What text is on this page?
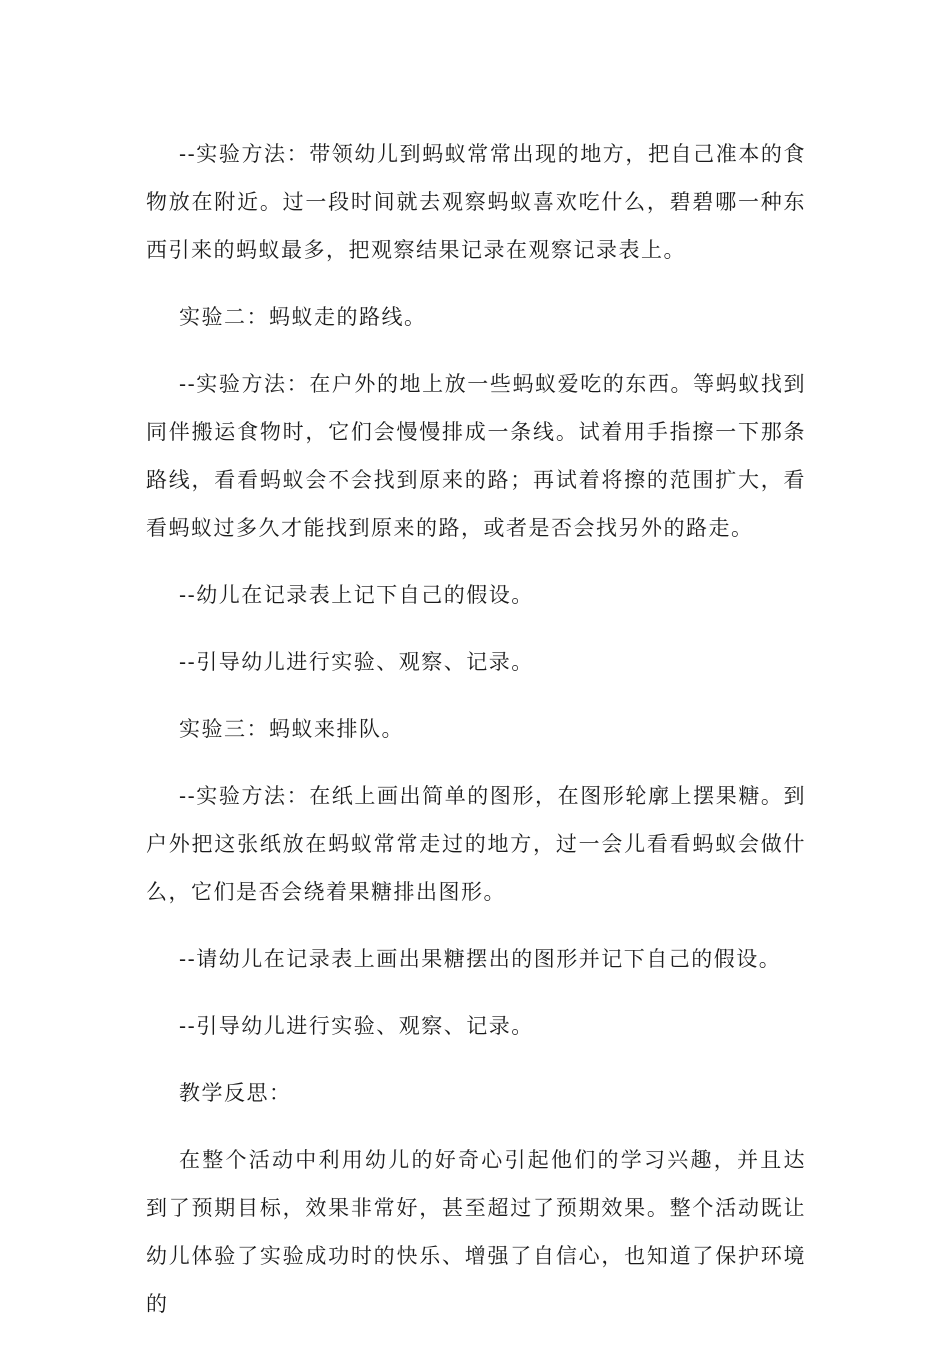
--实验方法：带领幼儿到蚂蚁常常出现的地方，把自己准本的食物放在附近。过一段时间就去观察蚂蚁喜欢吃什么，碧碧哪一种东西引来的蚂蚁最多，把观察结果记录在观察记录表上。

实验二：蚂蚁走的路线。

--实验方法：在户外的地上放一些蚂蚁爱吃的东西。等蚂蚁找到同伴搬运食物时，它们会慢慢排成一条线。试着用手指擦一下那条路线，看看蚂蚁会不会找到原来的路；再试着将擦的范围扩大，看看蚂蚁过多久才能找到原来的路，或者是否会找另外的路走。

--幼儿在记录表上记下自己的假设。

--引导幼儿进行实验、观察、记录。

实验三：蚂蚁来排队。

--实验方法：在纸上画出简单的图形，在图形轮廓上摆果糖。到户外把这张纸放在蚂蚁常常走过的地方，过一会儿看看蚂蚁会做什么，它们是否会绕着果糖排出图形。

--请幼儿在记录表上画出果糖摆出的图形并记下自己的假设。

--引导幼儿进行实验、观察、记录。

教学反思：

在整个活动中利用幼儿的好奇心引起他们的学习兴趣，并且达到了预期目标，效果非常好，甚至超过了预期效果。整个活动既让幼儿体验了实验成功时的快乐、增强了自信心，也知道了保护环境的
